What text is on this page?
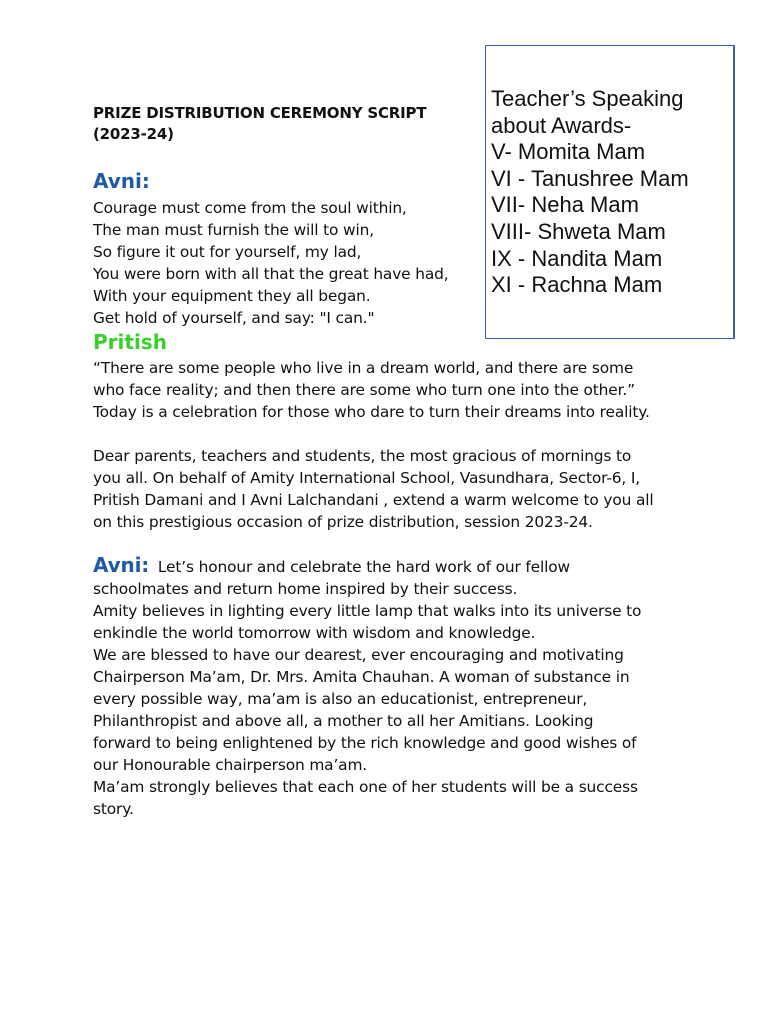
PRIZE DISTRIBUTION CEREMONY SCRIPT
(2023-24)
Teacher’s Speaking
about Awards-
V- Momita Mam
VI - Tanushree Mam
VII- Neha Mam
VIII- Shweta Mam
IX - Nandita Mam
XI - Rachna Mam
Avni:
Courage must come from the soul within,
The man must furnish the will to win,
So figure it out for yourself, my lad,
You were born with all that the great have had,
With your equipment they all began.
Get hold of yourself, and say: "I can."
Pritish
“There are some people who live in a dream world, and there are some
who face reality; and then there are some who turn one into the other.”
Today is a celebration for those who dare to turn their dreams into reality.
Dear parents, teachers and students, the most gracious of mornings to
you all. On behalf of Amity International School, Vasundhara, Sector-6, I,
Pritish Damani and I Avni Lalchandani , extend a warm welcome to you all
on this prestigious occasion of prize distribution, session 2023-24.
Avni: Let’s honour and celebrate the hard work of our fellow
schoolmates and return home inspired by their success.
Amity believes in lighting every little lamp that walks into its universe to
enkindle the world tomorrow with wisdom and knowledge.
We are blessed to have our dearest, ever encouraging and motivating
Chairperson Ma’am, Dr. Mrs. Amita Chauhan. A woman of substance in
every possible way, ma’am is also an educationist, entrepreneur,
Philanthropist and above all, a mother to all her Amitians. Looking
forward to being enlightened by the rich knowledge and good wishes of
our Honourable chairperson ma’am.
Ma’am strongly believes that each one of her students will be a success
story.
